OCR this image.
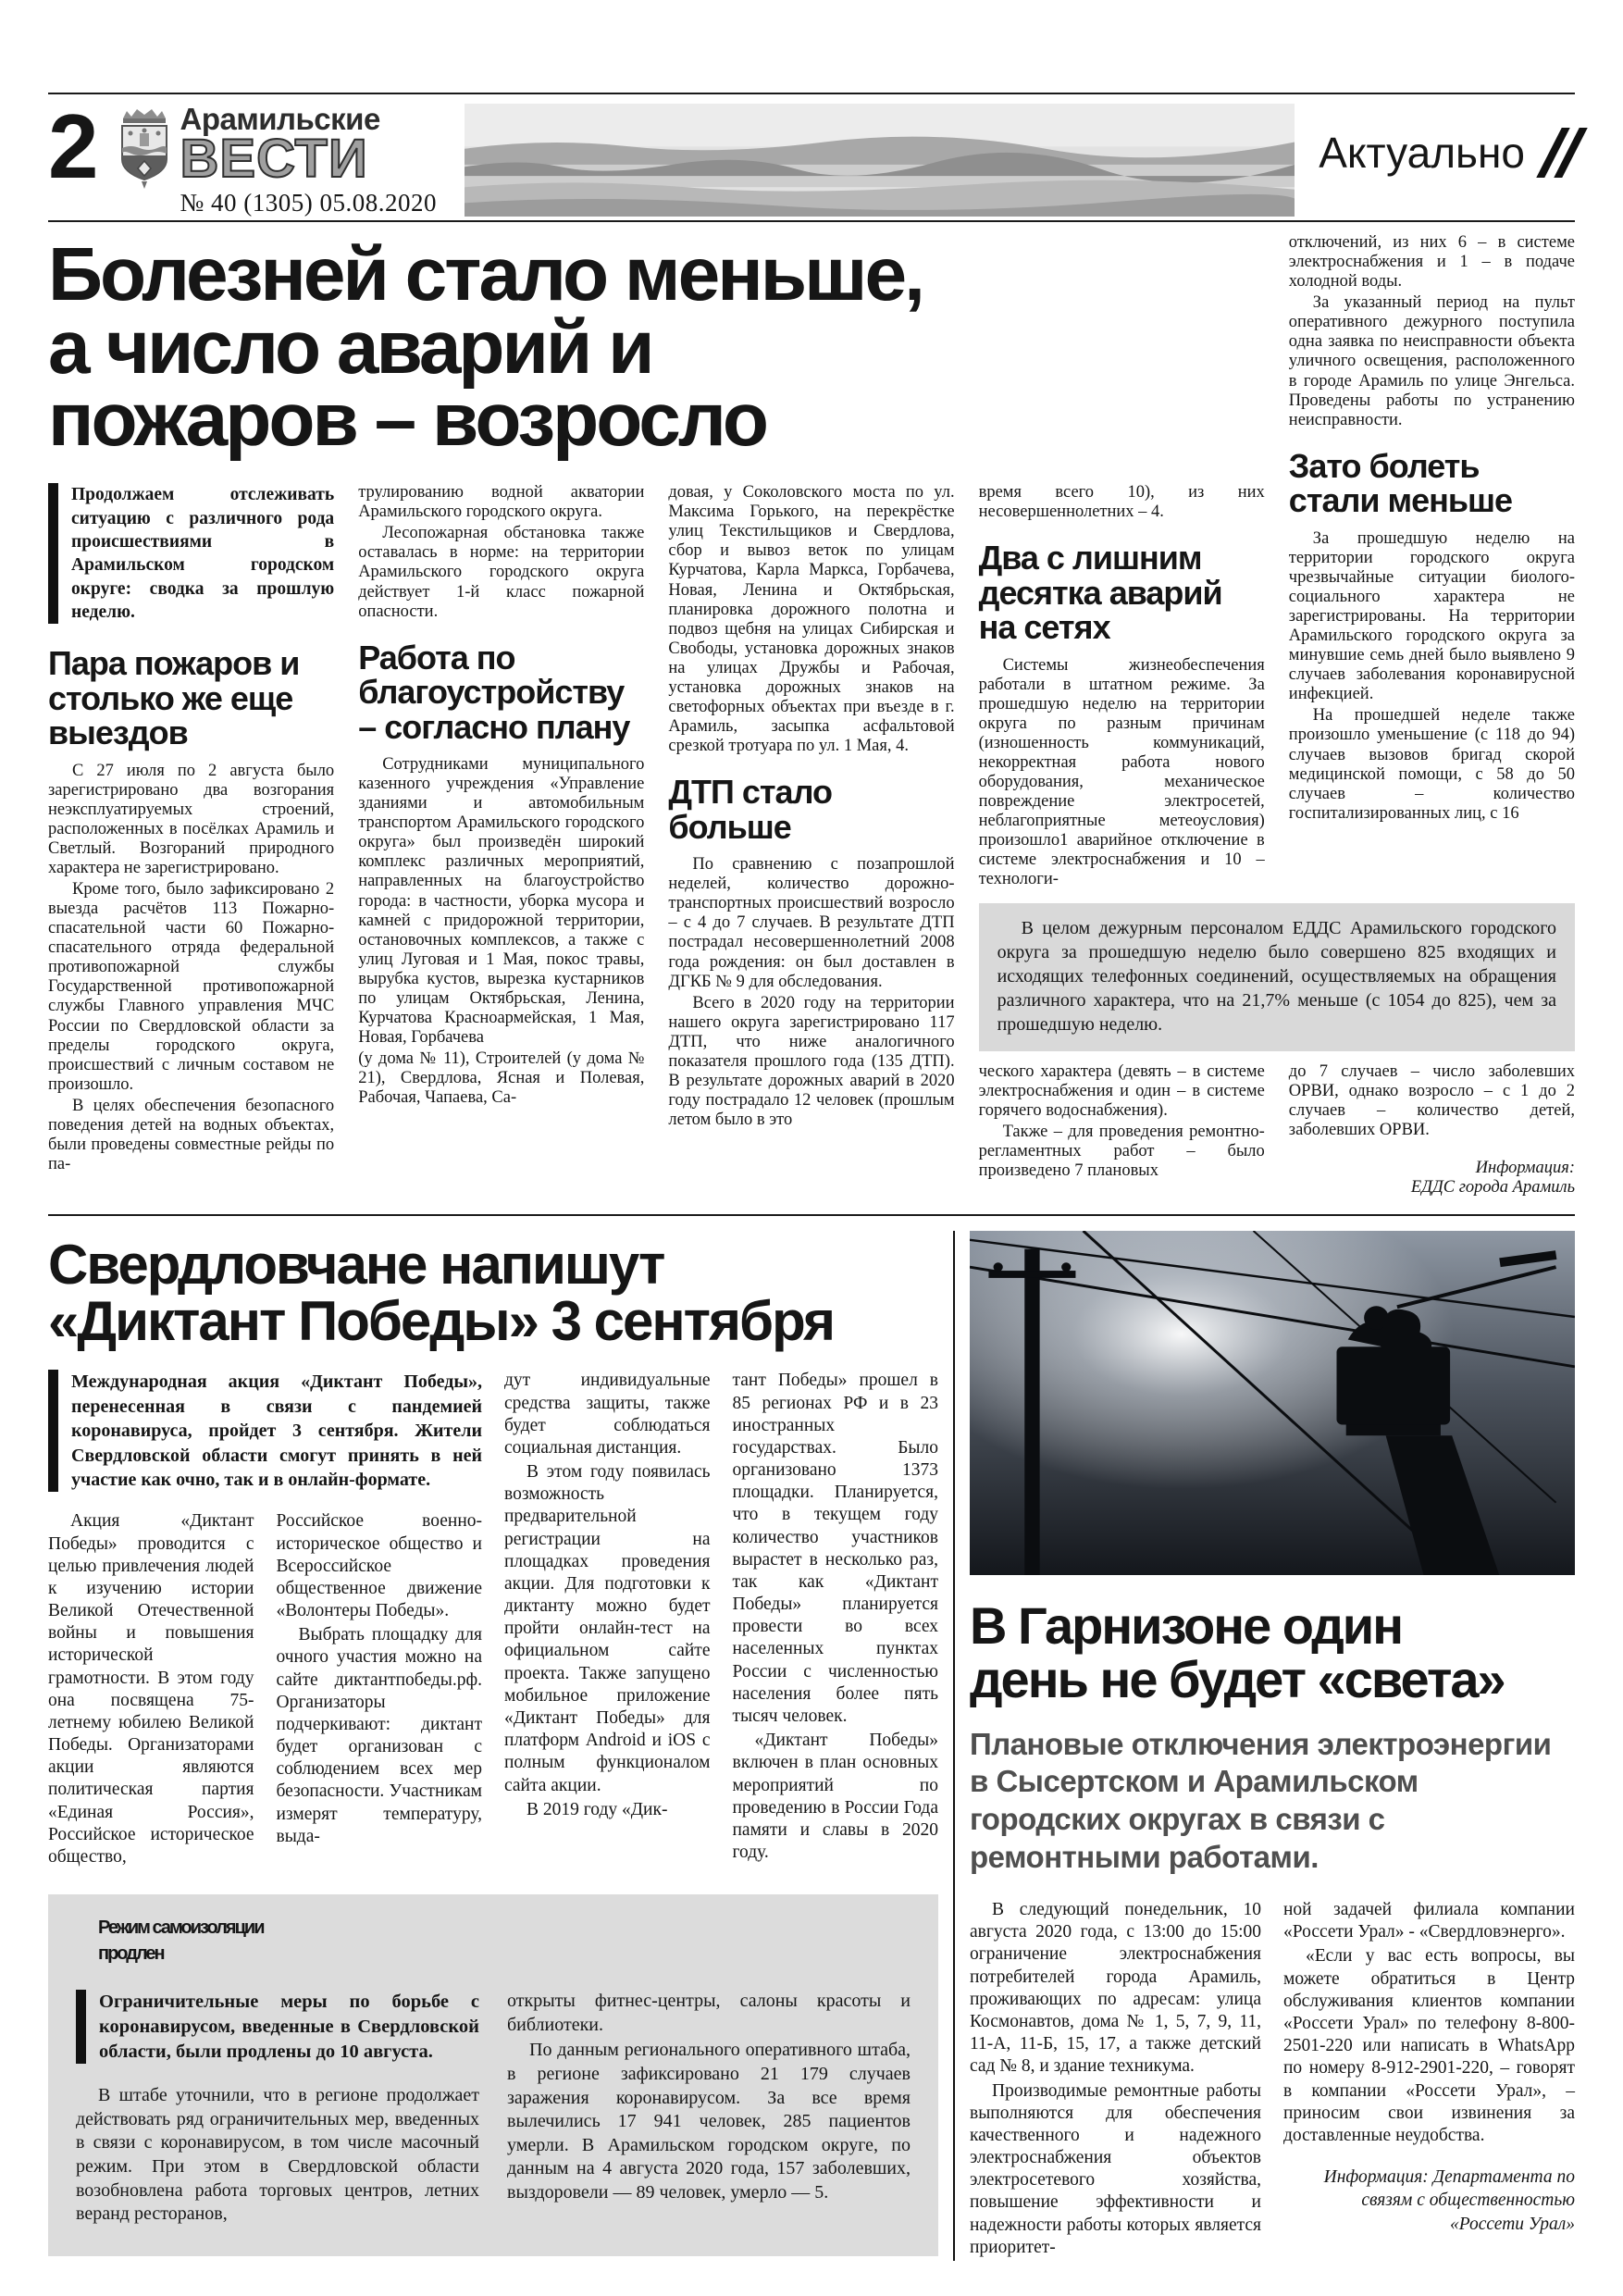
2	Арамильские
ВЕСТИ
№ 40 (1305) 05.08.2020
Актуально

Болезней стало меньше,

а число аварий и

пожаров – возросло

Продолжаем отслеживать ситуацию с различного рода происшествиями в Арамильском городском округе: сводка за прошлую неделю.
Пара пожаров и столько же еще выездов

С 27 июля по 2 августа было зарегистрировано два возгорания неэксплуатируемых строений, расположенных в посёлках Арамиль и Светлый. Возгораний природного характера не зарегистрировано.

Кроме того, было зафиксировано 2 выезда расчётов 113 Пожарно-спасательной части 60 Пожарно-спасательного отряда федеральной противопожарной службы Государственной противопожарной службы Главного управления МЧС России по Свердловской области за пределы городского округа, происшествий с личным составом не произошло.

В целях обеспечения безопасного поведения детей на водных объектах, были проведены совместные рейды по па-

трулированию водной акватории Арамильского городского округа.

Лесопожарная обстановка также оставалась в норме: на территории Арамильского городского округа действует 1-й класс пожарной опасности.

Работа по благоустройству – согласно плану

Сотрудниками муниципального казенного учреждения «Управление зданиями и автомобильным транспортом Арамильского городского округа» был произведён широкий комплекс различных мероприятий, направленных на благоустройство города: в частности, уборка мусора и камней с придорожной территории, остановочных комплексов, а также с улиц Луговая и 1 Мая, покос травы, вырубка кустов, вырезка кустарников по улицам Октябрьская, Ленина, Курчатова Красноармейская, 1 Мая, Новая, Горбачева

(у дома № 11), Строителей (у дома № 21), Свердлова, Ясная и Полевая, Рабочая, Чапаева, Са-

довая, у Соколовского моста по ул. Максима Горького, на перекрёстке улиц Текстильщиков и Свердлова, сбор и вывоз веток по улицам Курчатова, Карла Маркса, Горбачева, Новая, Ленина и Октябрьская, планировка дорожного полотна и подвоз щебня на улицах Сибирская и Свободы, установка дорожных знаков на улицах Дружбы и Рабочая, установка дорожных знаков на светофорных объектах при въезде в г. Арамиль, засыпка асфальтовой срезкой тротуара по ул. 1 Мая, 4.

ДТП стало больше

По сравнению с позапрошлой неделей, количество дорожно-транспортных происшествий возросло – с 4 до 7 случаев. В результате ДТП пострадал несовершеннолетний 2008 года рождения: он был доставлен в ДГКБ № 9 для обследования.

Всего в 2020 году на территории нашего округа зарегистрировано 117 ДТП, что ниже аналогичного показателя прошлого года (135 ДТП). В результате дорожных аварий в 2020 году пострадало 12 человек (прошлым летом было в это

время всего 10), из них несовершеннолетних – 4.

Два с лишним десятка аварий на сетях

Системы жизнеобеспечения работали в штатном режиме. За прошедшую неделю на территории округа по разным причинам (изношенность коммуникаций, некорректная работа нового оборудования, механическое повреждение электросетей, неблагоприятные метеоусловия) произошло1 аварийное отключение в системе электроснабжения и 10 – технологи-

отключений, из них 6 – в системе электроснабжения и 1 – в подаче холодной воды.

За указанный период на пульт оперативного дежурного поступила одна заявка по неисправности объекта уличного освещения, расположенного в городе Арамиль по улице Энгельса. Проведены работы по устранению неисправности.

Зато болеть стали меньше

За прошедшую неделю на территории городского округа чрезвычайные ситуации биолого-социального характера не зарегистрированы. На территории Арамильского городского округа за минувшие семь дней было выявлено 9 случаев заболевания коронавирусной инфекцией.

На прошедшей неделе также произошло уменьшение (с 118 до 94) случаев вызовов бригад скорой медицинской помощи, с 58 до 50 случаев – количество госпитализированных лиц, с 16

В целом дежурным персоналом ЕДДС Арамильского городского округа за прошедшую неделю было совершено 825 входящих и исходящих телефонных соединений, осуществляемых на обращения различного характера, что на 21,7% меньше (с 1054 до 825), чем за прошедшую неделю.

ческого характера (девять – в системе электроснабжения и один – в системе горячего водоснабжения).

Также – для проведения ремонтно-регламентных работ – было произведено 7 плановых

до 7 случаев – число заболевших ОРВИ, однако возросло – с 1 до 2 случаев – количество детей, заболевших ОРВИ.

Информация:

ЕДДС города Арамиль

Свердловчане напишут

«Диктант Победы» 3 сентября

Международная акция «Диктант Победы», перенесенная в связи с пандемией коронавируса, пройдет 3 сентября. Жители Свердловской области смогут принять в ней участие как очно, так и в онлайн-формате.

Акция «Диктант Победы» проводится с целью привлечения людей к изучению истории Великой Отечественной войны и повышения исторической грамотности. В этом году она посвящена 75-летнему юбилею Великой Победы. Организаторами акции являются политическая партия «Единая Россия», Российское историческое общество,

Российское военно-историческое общество и Всероссийское общественное движение «Волонтеры Победы».

Выбрать площадку для очного участия можно на сайте диктантпобеды.рф. Организаторы подчеркивают: диктант будет организован с соблюдением всех мер безопасности. Участникам измерят температуру, выда-

дут индивидуальные средства защиты, также будет соблюдаться социальная дистанция.

В этом году появилась возможность предварительной регистрации на площадках проведения акции. Для подготовки к диктанту можно будет пройти онлайн-тест на официальном сайте проекта. Также запущено мобильное приложение «Диктант Победы» для платформ Android и iOS с полным функционалом сайта акции.

В 2019 году «Дик-

тант Победы» прошел в 85 регионах РФ и в 23 иностранных государствах. Было организовано 1373 площадки. Планируется, что в текущем году количество участников вырастет в несколько раз, так как «Диктант Победы» планируется провести во всех населенных пунктах России с численностью населения более пять тысяч человек.

«Диктант Победы» включен в план основных мероприятий по проведению в России Года памяти и славы в 2020 году.

Режим самоизоляции

продлен

Ограничительные меры по борьбе с коронавирусом, введенные в Свердловской области, были продлены до 10 августа.

В штабе уточнили, что в регионе продолжает действовать ряд ограничительных мер, введенных в связи с коронавирусом, в том числе масочный режим. При этом в Свердловской области возобновлена работа торговых центров, летних веранд ресторанов,

открыты фитнес-центры, салоны красоты и библиотеки.

По данным регионального оперативного штаба, в регионе зафиксировано 21 179 случаев заражения коронавирусом. За все время вылечились 17 941 человек, 285 пациентов умерли. В Арамильском городском округе, по данным на 4 августа 2020 года, 157 заболевших, выздоровели — 89 человек, умерло — 5.

В Гарнизоне один

день не будет «света»

Плановые отключения электроэнергии в Сысертском и Арамильском городских округах в связи с ремонтными работами.

В следующий понедельник, 10 августа 2020 года, с 13:00 до 15:00 ограничение электроснабжения потребителей города Арамиль, проживающих по адресам: улица Космонавтов, дома № 1, 5, 7, 9, 11, 11-А, 11-Б, 15, 17, а также детский сад № 8, и здание техникума.

Производимые ремонтные работы выполняются для обеспечения качественного и надежного электроснабжения объектов электросетевого хозяйства, повышение эффективности и надежности работы которых является приоритет-

ной задачей филиала компании «Россети Урал» - «Свердловэнерго».

«Если у вас есть вопросы, вы можете обратиться в Центр обслуживания клиентов компании «Россети Урал» по телефону 8-800-2501-220 или написать в WhatsApp по номеру 8-912-2901-220, – говорят в компании «Россети Урал», – приносим свои извинения за доставленные неудобства.

Информация: Департамента по связям с общественностью «Россети Урал»
